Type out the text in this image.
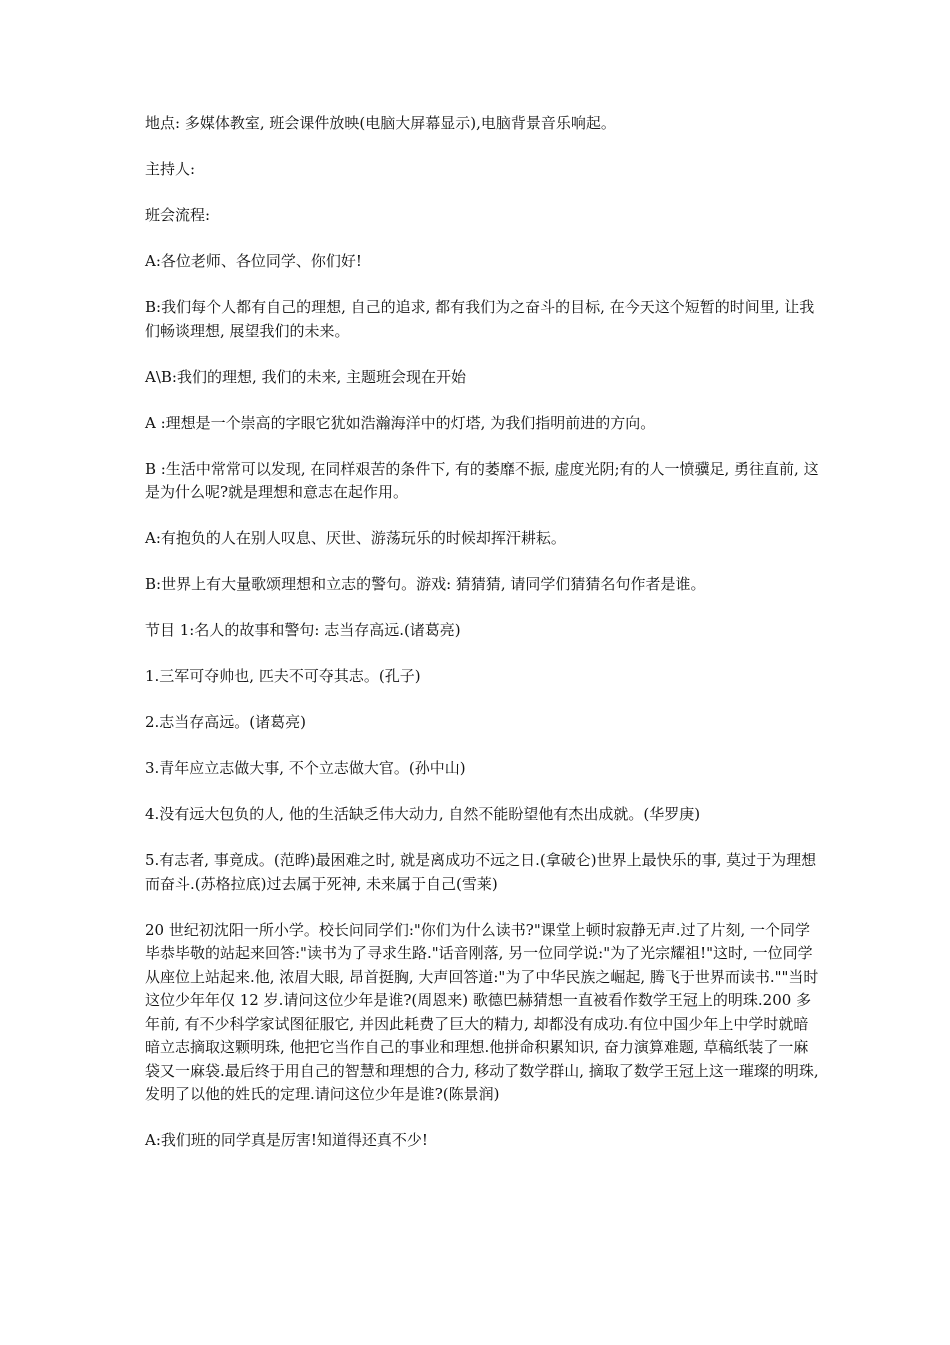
地点: 多媒体教室, 班会课件放映(电脑大屏幕显示),电脑背景音乐响起。

主持人:

班会流程:

A:各位老师、各位同学、你们好!

B:我们每个人都有自己的理想, 自己的追求, 都有我们为之奋斗的目标, 在今天这个短暂的时间里, 让我们畅谈理想, 展望我们的未来。

A\B:我们的理想, 我们的未来, 主题班会现在开始

A :理想是一个崇高的字眼它犹如浩瀚海洋中的灯塔, 为我们指明前进的方向。

B :生活中常常可以发现, 在同样艰苦的条件下, 有的萎靡不振, 虚度光阴;有的人一愤骥足, 勇往直前, 这是为什么呢?就是理想和意志在起作用。

A:有抱负的人在别人叹息、厌世、游荡玩乐的时候却挥汗耕耘。

B:世界上有大量歌颂理想和立志的警句。游戏: 猜猜猜, 请同学们猜猜名句作者是谁。

节目 1:名人的故事和警句: 志当存高远.(诸葛亮)

1.三军可夺帅也, 匹夫不可夺其志。(孔子)

2.志当存高远。(诸葛亮)

3.青年应立志做大事, 不个立志做大官。(孙中山)

4.没有远大包负的人, 他的生活缺乏伟大动力, 自然不能盼望他有杰出成就。(华罗庚)

5.有志者, 事竟成。(范晔)最困难之时, 就是离成功不远之日.(拿破仑)世界上最快乐的事, 莫过于为理想而奋斗.(苏格拉底)过去属于死神, 未来属于自己(雪莱)

20 世纪初沈阳一所小学。校长问同学们:"你们为什么读书?"课堂上顿时寂静无声.过了片刻, 一个同学毕恭毕敬的站起来回答:"读书为了寻求生路."话音刚落, 另一位同学说:"为了光宗耀祖!"这时, 一位同学从座位上站起来.他, 浓眉大眼, 昂首挺胸, 大声回答道:"为了中华民族之崛起, 腾飞于世界而读书.""当时这位少年年仅 12 岁.请问这位少年是谁?(周恩来) 歌德巴赫猜想一直被看作数学王冠上的明珠.200 多年前, 有不少科学家试图征服它, 并因此耗费了巨大的精力, 却都没有成功.有位中国少年上中学时就暗暗立志摘取这颗明珠, 他把它当作自己的事业和理想.他拼命积累知识, 奋力演算难题, 草稿纸装了一麻袋又一麻袋.最后终于用自己的智慧和理想的合力, 移动了数学群山, 摘取了数学王冠上这一璀璨的明珠, 发明了以他的姓氏的定理.请问这位少年是谁?(陈景润)

A:我们班的同学真是厉害!知道得还真不少!
